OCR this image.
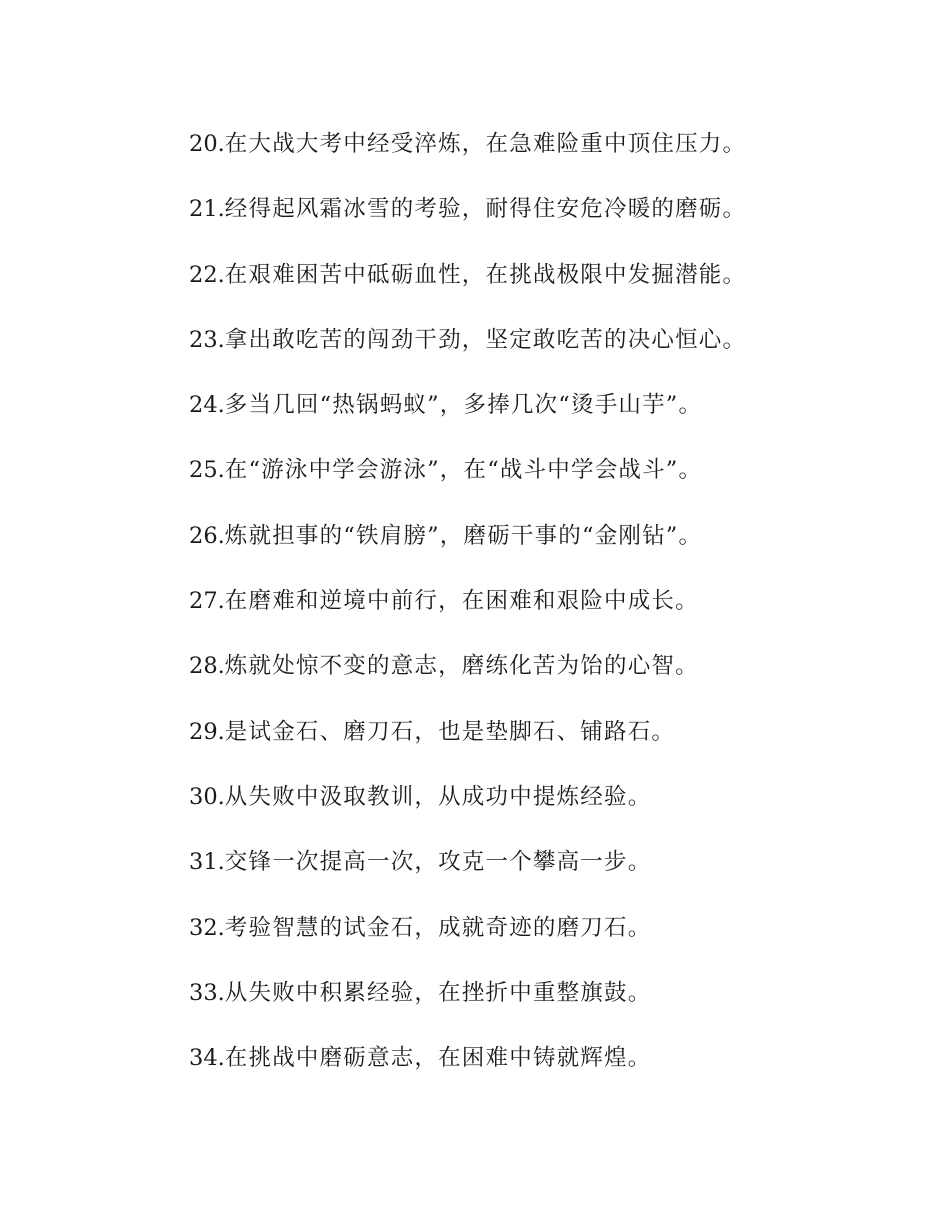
20.在大战大考中经受淬炼，在急难险重中顶住压力。
21.经得起风霜冰雪的考验，耐得住安危冷暖的磨砺。
22.在艰难困苦中砥砺血性，在挑战极限中发掘潜能。
23.拿出敢吃苦的闯劲干劲，坚定敢吃苦的决心恒心。
24.多当几回“热锅蚂蚁”，多捧几次“烫手山芋”。
25.在“游泳中学会游泳”，在“战斗中学会战斗”。
26.炼就担事的“铁肩膀”，磨砺干事的“金刚钻”。
27.在磨难和逆境中前行，在困难和艰险中成长。
28.炼就处惊不变的意志，磨练化苦为饴的心智。
29.是试金石、磨刀石，也是垫脚石、铺路石。
30.从失败中汲取教训，从成功中提炼经验。
31.交锋一次提高一次，攻克一个攀高一步。
32.考验智慧的试金石，成就奇迹的磨刀石。
33.从失败中积累经验，在挫折中重整旗鼓。
34.在挑战中磨砺意志，在困难中铸就辉煌。
